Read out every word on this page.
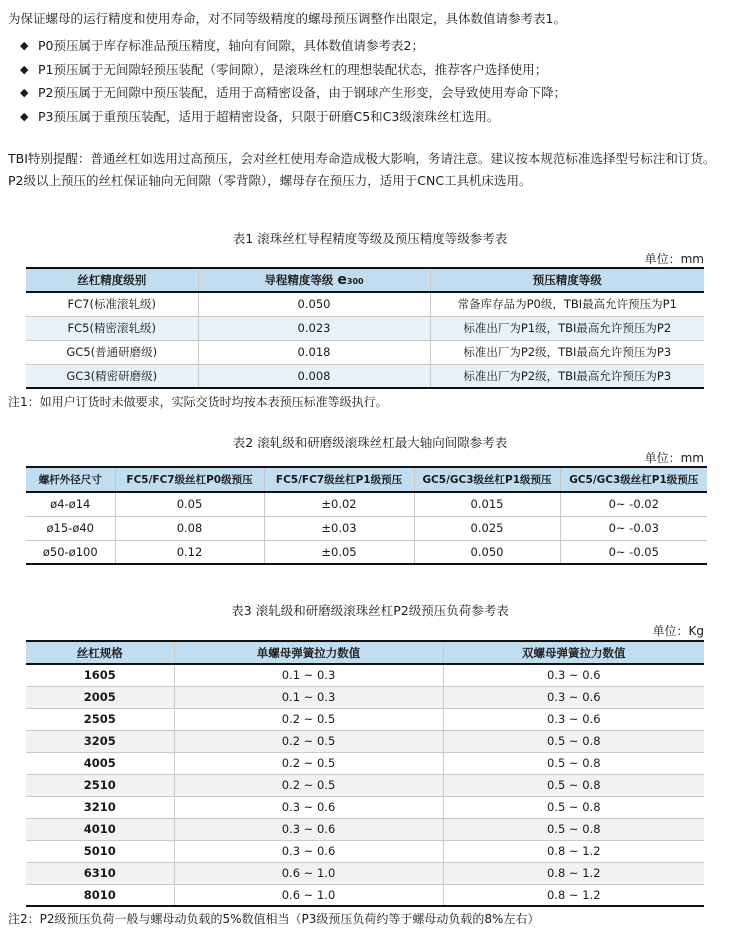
为保证螺母的运行精度和使用寿命，对不同等级精度的螺母预压调整作出限定，具体数值请参考表1。

◆ P0预压属于库存标准品预压精度，轴向有间隙，具体数值请参考表2；
◆ P1预压属于无间隙轻预压装配（零间隙），是滚珠丝杠的理想装配状态，推荐客户选择使用；
◆ P2预压属于无间隙中预压装配，适用于高精密设备，由于钢球产生形变，会导致使用寿命下降；
◆ P3预压属于重预压装配，适用于超精密设备，只限于研磨C5和C3级滚珠丝杠选用。

TBI特别提醒：普通丝杠如选用过高预压，会对丝杠使用寿命造成极大影响，务请注意。建议按本规范标准选择型号标注和订货。P2级以上预压的丝杠保证轴向无间隙（零背隙），螺母存在预压力，适用于CNC工具机床选用。

表1 滚珠丝杠导程精度等级及预压精度等级参考表
单位：mm
丝杠精度级别	导程精度等级 e300	预压精度等级
FC7(标准滚轧级)	0.050	常备库存品为P0级，TBI最高允许预压为P1
FC5(精密滚轧级)	0.023	标准出厂为P1级，TBI最高允许预压为P2
GC5(普通研磨级)	0.018	标准出厂为P2级，TBI最高允许预压为P3
GC3(精密研磨级)	0.008	标准出厂为P2级，TBI最高允许预压为P3
注1：如用户订货时未做要求，实际交货时均按本表预压标准等级执行。
表2 滚轧级和研磨级滚珠丝杠最大轴向间隙参考表
单位：mm
螺杆外径尺寸	FC5/FC7级丝杠P0级预压	FC5/FC7级丝杠P1级预压	GC5/GC3级丝杠P1级预压	GC5/GC3级丝杠P1级预压
ø4-ø14	0.05	±0.02	0.015	0~ -0.02
ø15-ø40	0.08	±0.03	0.025	0~ -0.03
ø50-ø100	0.12	±0.05	0.050	0~ -0.05
表3 滚轧级和研磨级滚珠丝杠P2级预压负荷参考表
单位：Kg
丝杠规格	单螺母弹簧拉力数值	双螺母弹簧拉力数值
1605	0.1 ~ 0.3	0.3 ~ 0.6
2005	0.1 ~ 0.3	0.3 ~ 0.6
2505	0.2 ~ 0.5	0.3 ~ 0.6
3205	0.2 ~ 0.5	0.5 ~ 0.8
4005	0.2 ~ 0.5	0.5 ~ 0.8
2510	0.2 ~ 0.5	0.5 ~ 0.8
3210	0.3 ~ 0.6	0.5 ~ 0.8
4010	0.3 ~ 0.6	0.5 ~ 0.8
5010	0.3 ~ 0.6	0.8 ~ 1.2
6310	0.6 ~ 1.0	0.8 ~ 1.2
8010	0.6 ~ 1.0	0.8 ~ 1.2
注2：P2级预压负荷一般与螺母动负载的5%数值相当（P3级预压负荷约等于螺母动负载的8%左右）
